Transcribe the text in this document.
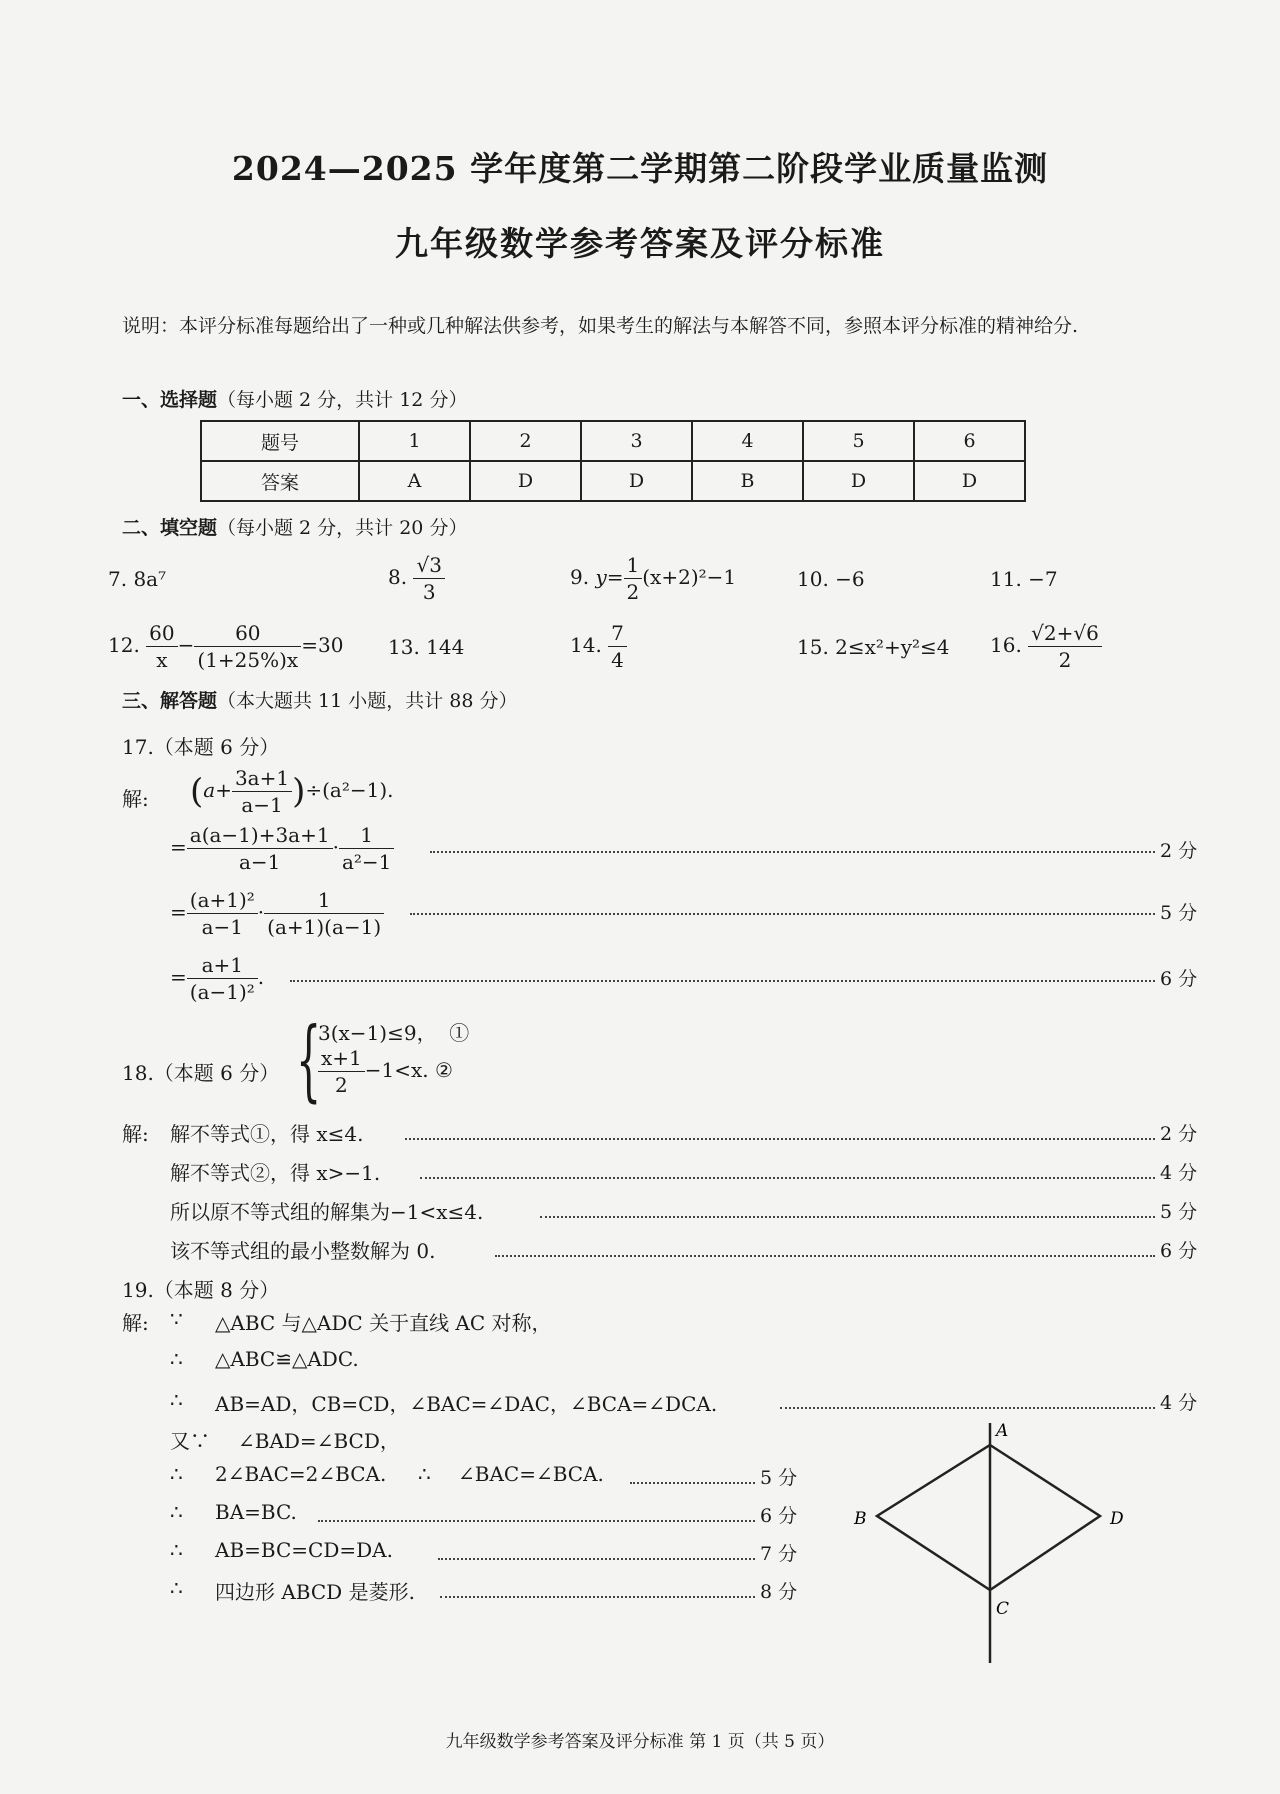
2024—2025 学年度第二学期第二阶段学业质量监测
九年级数学参考答案及评分标准
说明：本评分标准每题给出了一种或几种解法供参考，如果考生的解法与本解答不同，参照本评分标准的精神给分.
一、选择题（每小题 2 分，共计 12 分）
题号	1	2	3	4	5	6
答案	A	D	D	B	D	D
二、填空题（每小题 2 分，共计 20 分）
7. 8a⁷	8. $\frac{√3}{3}$	9. $y= \frac{1}{2} (x+2)^2-1$	10. −6	11. −7
12. $\frac{60}{x} - \frac{60}{(1+25\%)x} =30$ 13. 144	14. $\frac{7}{4}$	15. 2≤x²+y²≤4 16. $\frac{√2+√6}{2}$
三、解答题（本大题共 11 小题，共计 88 分）
17.（本题 6 分）
解: $(a+ \frac{3a+1}{a-1} )\div(a^2-1)$.
= $\frac{a(a-1)+3a+1}{a-1} \cdot \frac{1}{\text{a²−1}}$	2 分
= $\frac{\text{(a+1)²}}{a-1} \cdot \frac{1}{(a+1)(a-1)}$	5 分
= $\frac{a+1}{\text{(a−1)²}}$ .	6 分
18.（本题 6 分） {
3(x−1)≤9， ①
$\frac{x+1}{2} -1<x$. ②
解: 解不等式①，得 x≤4.	2 分
解不等式②，得 x>−1.	4 分
所以原不等式组的解集为−1<x≤4.	5 分
该不等式组的最小整数解为 0.	6 分
19.（本题 8 分）
解: ∵ △ABC 与△ADC 关于直线 AC 对称，
∴ △ABC≌△ADC.
∴ AB=AD，CB=CD，∠BAC=∠DAC，∠BCA=∠DCA.	4 分
又∵ ∠BAD=∠BCD，
∴ 2∠BAC=2∠BCA. ∴ ∠BAC=∠BCA.	5 分
∴ BA=BC.	6 分
∴ AB=BC=CD=DA.	7 分
∴ 四边形 ABCD 是菱形.	8 分
A
B
C
D
九年级数学参考答案及评分标准 第 1 页（共 5 页）
